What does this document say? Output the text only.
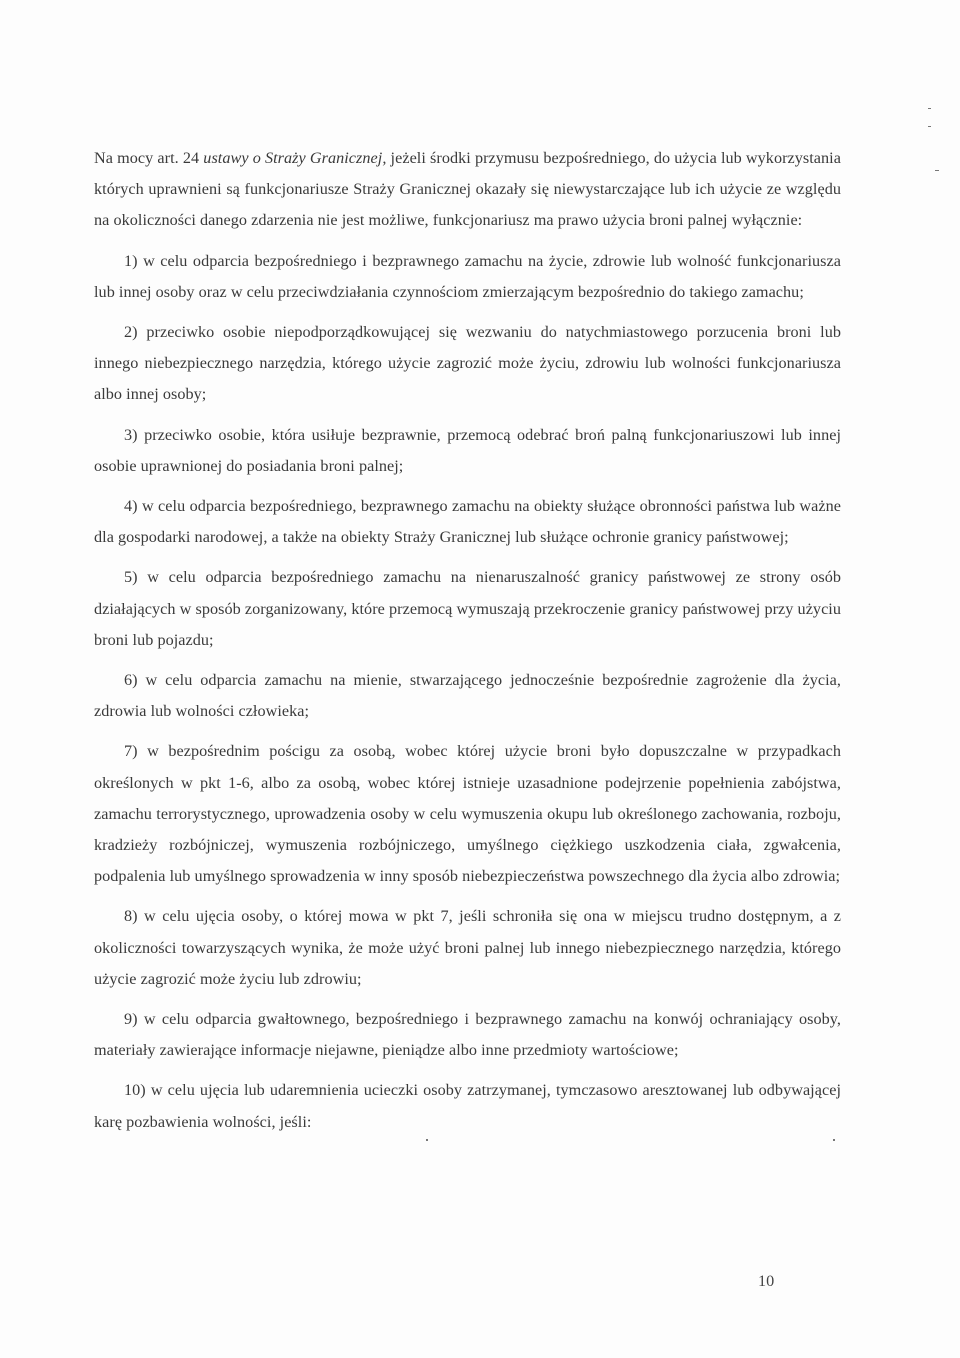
Na mocy art. 24 ustawy o Straży Granicznej, jeżeli środki przymusu bezpośredniego, do użycia lub wykorzystania których uprawnieni są funkcjonariusze Straży Granicznej okazały się niewystarczające lub ich użycie ze względu na okoliczności danego zdarzenia nie jest możliwe, funkcjonariusz ma prawo użycia broni palnej wyłącznie:

1) w celu odparcia bezpośredniego i bezprawnego zamachu na życie, zdrowie lub wolność funkcjonariusza lub innej osoby oraz w celu przeciwdziałania czynnościom zmierzającym bezpośrednio do takiego zamachu;

2) przeciwko osobie niepodporządkowującej się wezwaniu do natychmiastowego porzucenia broni lub innego niebezpiecznego narzędzia, którego użycie zagrozić może życiu, zdrowiu lub wolności funkcjonariusza albo innej osoby;

3) przeciwko osobie, która usiłuje bezprawnie, przemocą odebrać broń palną funkcjonariuszowi lub innej osobie uprawnionej do posiadania broni palnej;

4) w celu odparcia bezpośredniego, bezprawnego zamachu na obiekty służące obronności państwa lub ważne dla gospodarki narodowej, a także na obiekty Straży Granicznej lub służące ochronie granicy państwowej;

5) w celu odparcia bezpośredniego zamachu na nienaruszalność granicy państwowej ze strony osób działających w sposób zorganizowany, które przemocą wymuszają przekroczenie granicy państwowej przy użyciu broni lub pojazdu;

6) w celu odparcia zamachu na mienie, stwarzającego jednocześnie bezpośrednie zagrożenie dla życia, zdrowia lub wolności człowieka;

7) w bezpośrednim pościgu za osobą, wobec której użycie broni było dopuszczalne w przypadkach określonych w pkt 1-6, albo za osobą, wobec której istnieje uzasadnione podejrzenie popełnienia zabójstwa, zamachu terrorystycznego, uprowadzenia osoby w celu wymuszenia okupu lub określonego zachowania, rozboju, kradzieży rozbójniczej, wymuszenia rozbójniczego, umyślnego ciężkiego uszkodzenia ciała, zgwałcenia, podpalenia lub umyślnego sprowadzenia w inny sposób niebezpieczeństwa powszechnego dla życia albo zdrowia;

8) w celu ujęcia osoby, o której mowa w pkt 7, jeśli schroniła się ona w miejscu trudno dostępnym, a z okoliczności towarzyszących wynika, że może użyć broni palnej lub innego niebezpiecznego narzędzia, którego użycie zagrozić może życiu lub zdrowiu;

9) w celu odparcia gwałtownego, bezpośredniego i bezprawnego zamachu na konwój ochraniający osoby, materiały zawierające informacje niejawne, pieniądze albo inne przedmioty wartościowe;

10) w celu ujęcia lub udaremnienia ucieczki osoby zatrzymanej, tymczasowo aresztowanej lub odbywającej karę pozbawienia wolności, jeśli:

10
